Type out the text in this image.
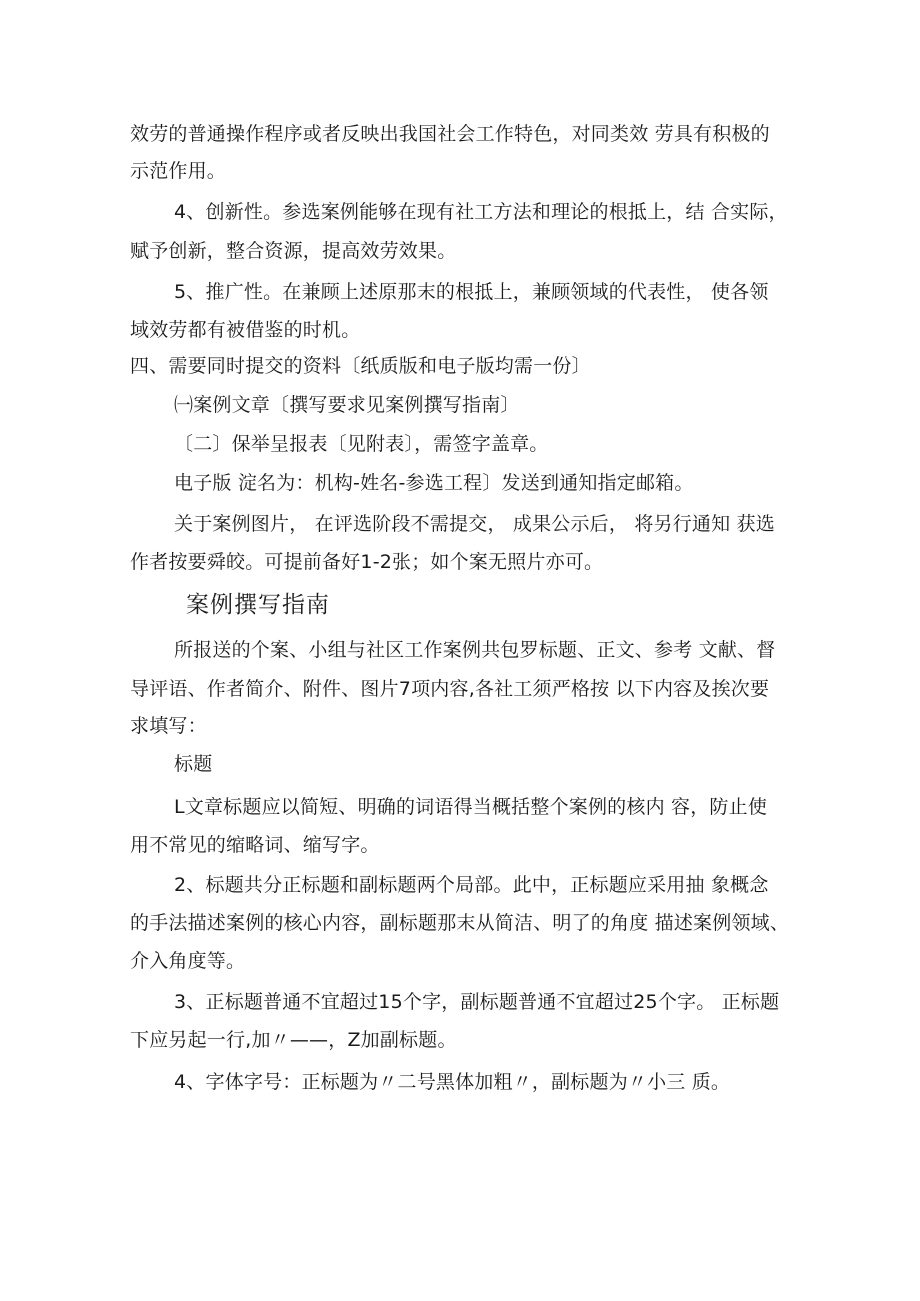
效劳的普通操作程序或者反映出我国社会工作特色，对同类效 劳具有积极的
示范作用。
4、创新性。参选案例能够在现有社工方法和理论的根抵上，结 合实际，
赋予创新，整合资源，提高效劳效果。
5、推广性。在兼顾上述原那末的根抵上，兼顾领域的代表性， 使各领
域效劳都有被借鉴的时机。
四、需要同时提交的资料〔纸质版和电子版均需一份〕
㈠案例文章〔撰写要求见案例撰写指南〕
〔二〕保举呈报表〔见附表〕，需签字盖章。
电子版 淀名为：机构-姓名-参选工程〕发送到通知指定邮箱。
关于案例图片， 在评选阶段不需提交， 成果公示后， 将另行通知 获选
作者按要舜皎。可提前备好1-2张；如个案无照片亦可。
案例撰写指南
所报送的个案、小组与社区工作案例共包罗标题、正文、参考 文献、督
导评语、作者简介、附件、图片7项内容,各社工须严格按 以下内容及挨次要
求填写：
标题
L文章标题应以简短、明确的词语得当概括整个案例的核内 容，防止使
用不常见的缩略词、缩写字。
2、标题共分正标题和副标题两个局部。此中，正标题应采用抽 象概念
的手法描述案例的核心内容，副标题那末从简洁、明了的角度 描述案例领域、
介入角度等。
3、正标题普通不宜超过15个字，副标题普通不宜超过25个字。 正标题
下应另起一行,加〃——，Z加副标题。
4、字体字号：正标题为〃二号黑体加粗〃，副标题为〃小三 质。
